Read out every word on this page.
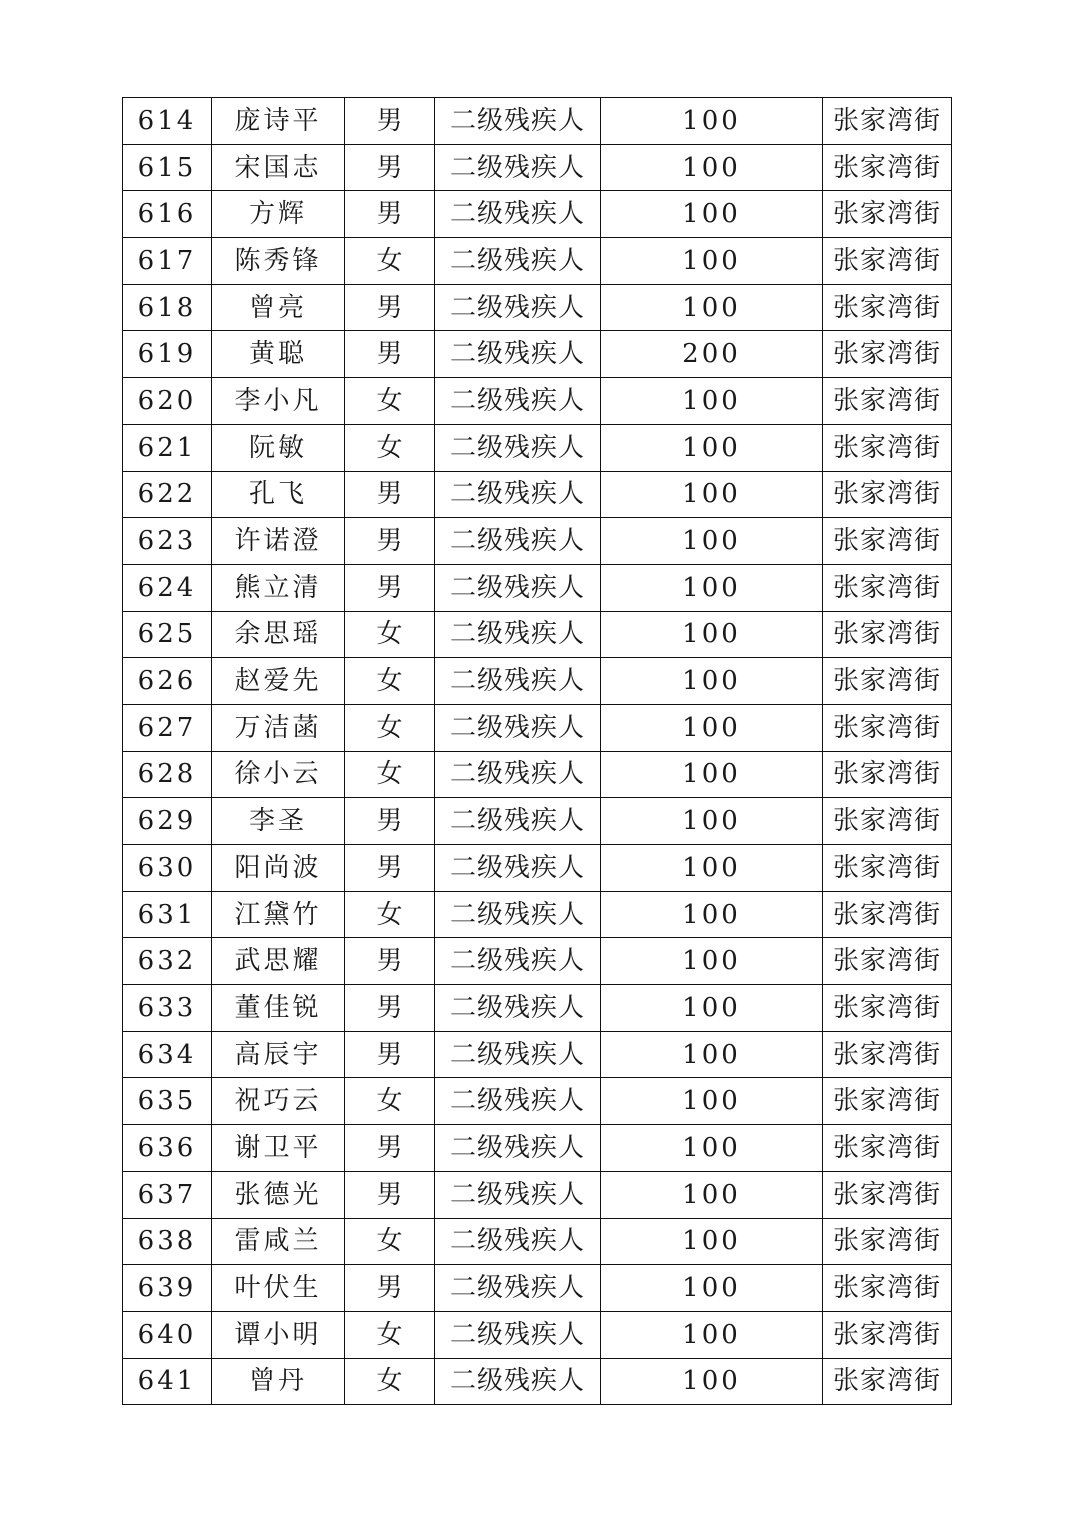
614	庞诗平	男	二级残疾人	100	张家湾街
615	宋国志	男	二级残疾人	100	张家湾街
616	方辉	男	二级残疾人	100	张家湾街
617	陈秀锋	女	二级残疾人	100	张家湾街
618	曾亮	男	二级残疾人	100	张家湾街
619	黄聪	男	二级残疾人	200	张家湾街
620	李小凡	女	二级残疾人	100	张家湾街
621	阮敏	女	二级残疾人	100	张家湾街
622	孔飞	男	二级残疾人	100	张家湾街
623	许诺澄	男	二级残疾人	100	张家湾街
624	熊立清	男	二级残疾人	100	张家湾街
625	余思瑶	女	二级残疾人	100	张家湾街
626	赵爱先	女	二级残疾人	100	张家湾街
627	万洁菡	女	二级残疾人	100	张家湾街
628	徐小云	女	二级残疾人	100	张家湾街
629	李圣	男	二级残疾人	100	张家湾街
630	阳尚波	男	二级残疾人	100	张家湾街
631	江黛竹	女	二级残疾人	100	张家湾街
632	武思耀	男	二级残疾人	100	张家湾街
633	董佳锐	男	二级残疾人	100	张家湾街
634	高辰宇	男	二级残疾人	100	张家湾街
635	祝巧云	女	二级残疾人	100	张家湾街
636	谢卫平	男	二级残疾人	100	张家湾街
637	张德光	男	二级残疾人	100	张家湾街
638	雷咸兰	女	二级残疾人	100	张家湾街
639	叶伏生	男	二级残疾人	100	张家湾街
640	谭小明	女	二级残疾人	100	张家湾街
641	曾丹	女	二级残疾人	100	张家湾街
